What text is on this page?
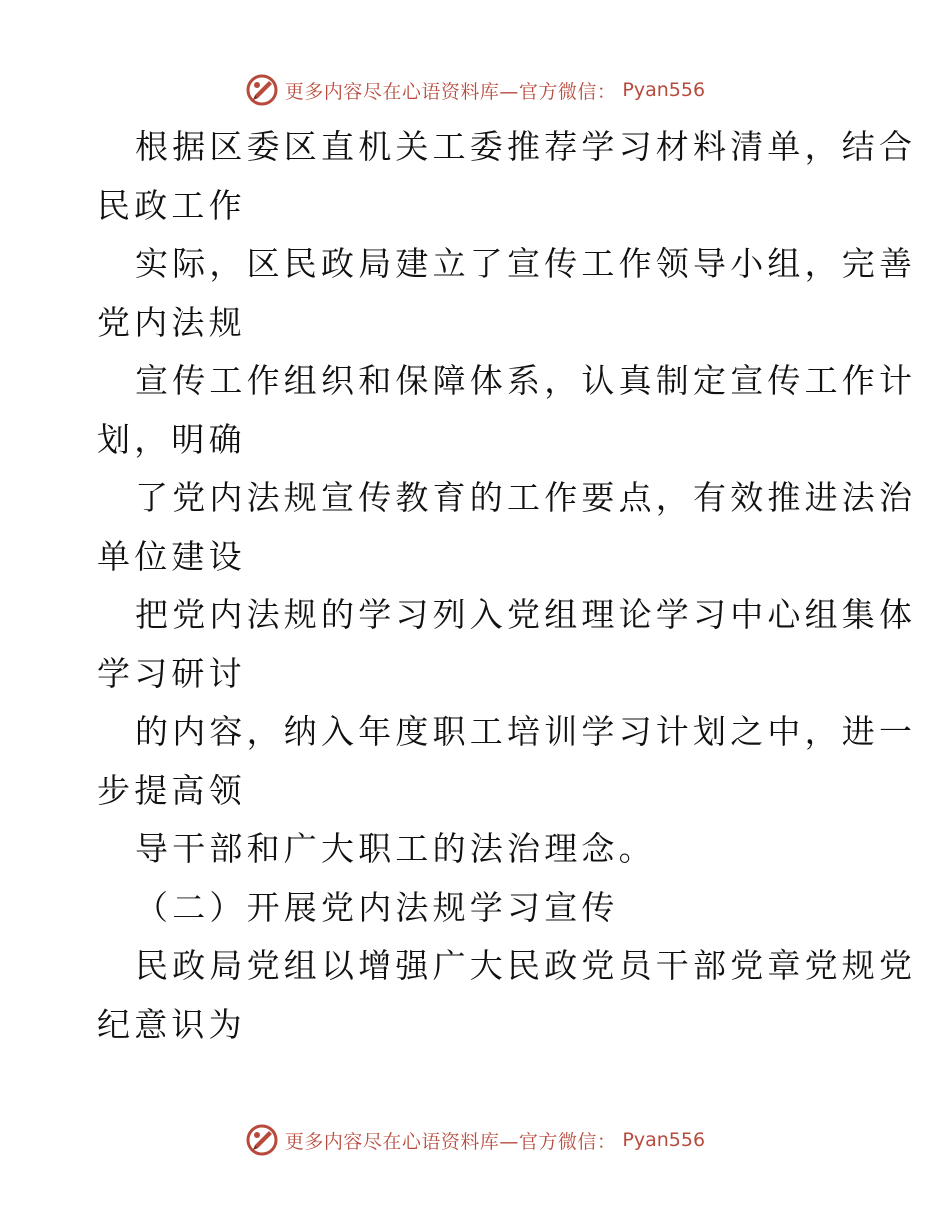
更多内容尽在心语资料库—官方微信： Pyan556
根据区委区直机关工委推荐学习材料清单，结合
民政工作
实际，区民政局建立了宣传工作领导小组，完善
党内法规
宣传工作组织和保障体系，认真制定宣传工作计
划，明确
了党内法规宣传教育的工作要点，有效推进法治
单位建设
把党内法规的学习列入党组理论学习中心组集体
学习研讨
的内容，纳入年度职工培训学习计划之中，进一
步提高领
导干部和广大职工的法治理念。
（二）开展党内法规学习宣传
民政局党组以增强广大民政党员干部党章党规党
纪意识为
更多内容尽在心语资料库—官方微信： Pyan556
